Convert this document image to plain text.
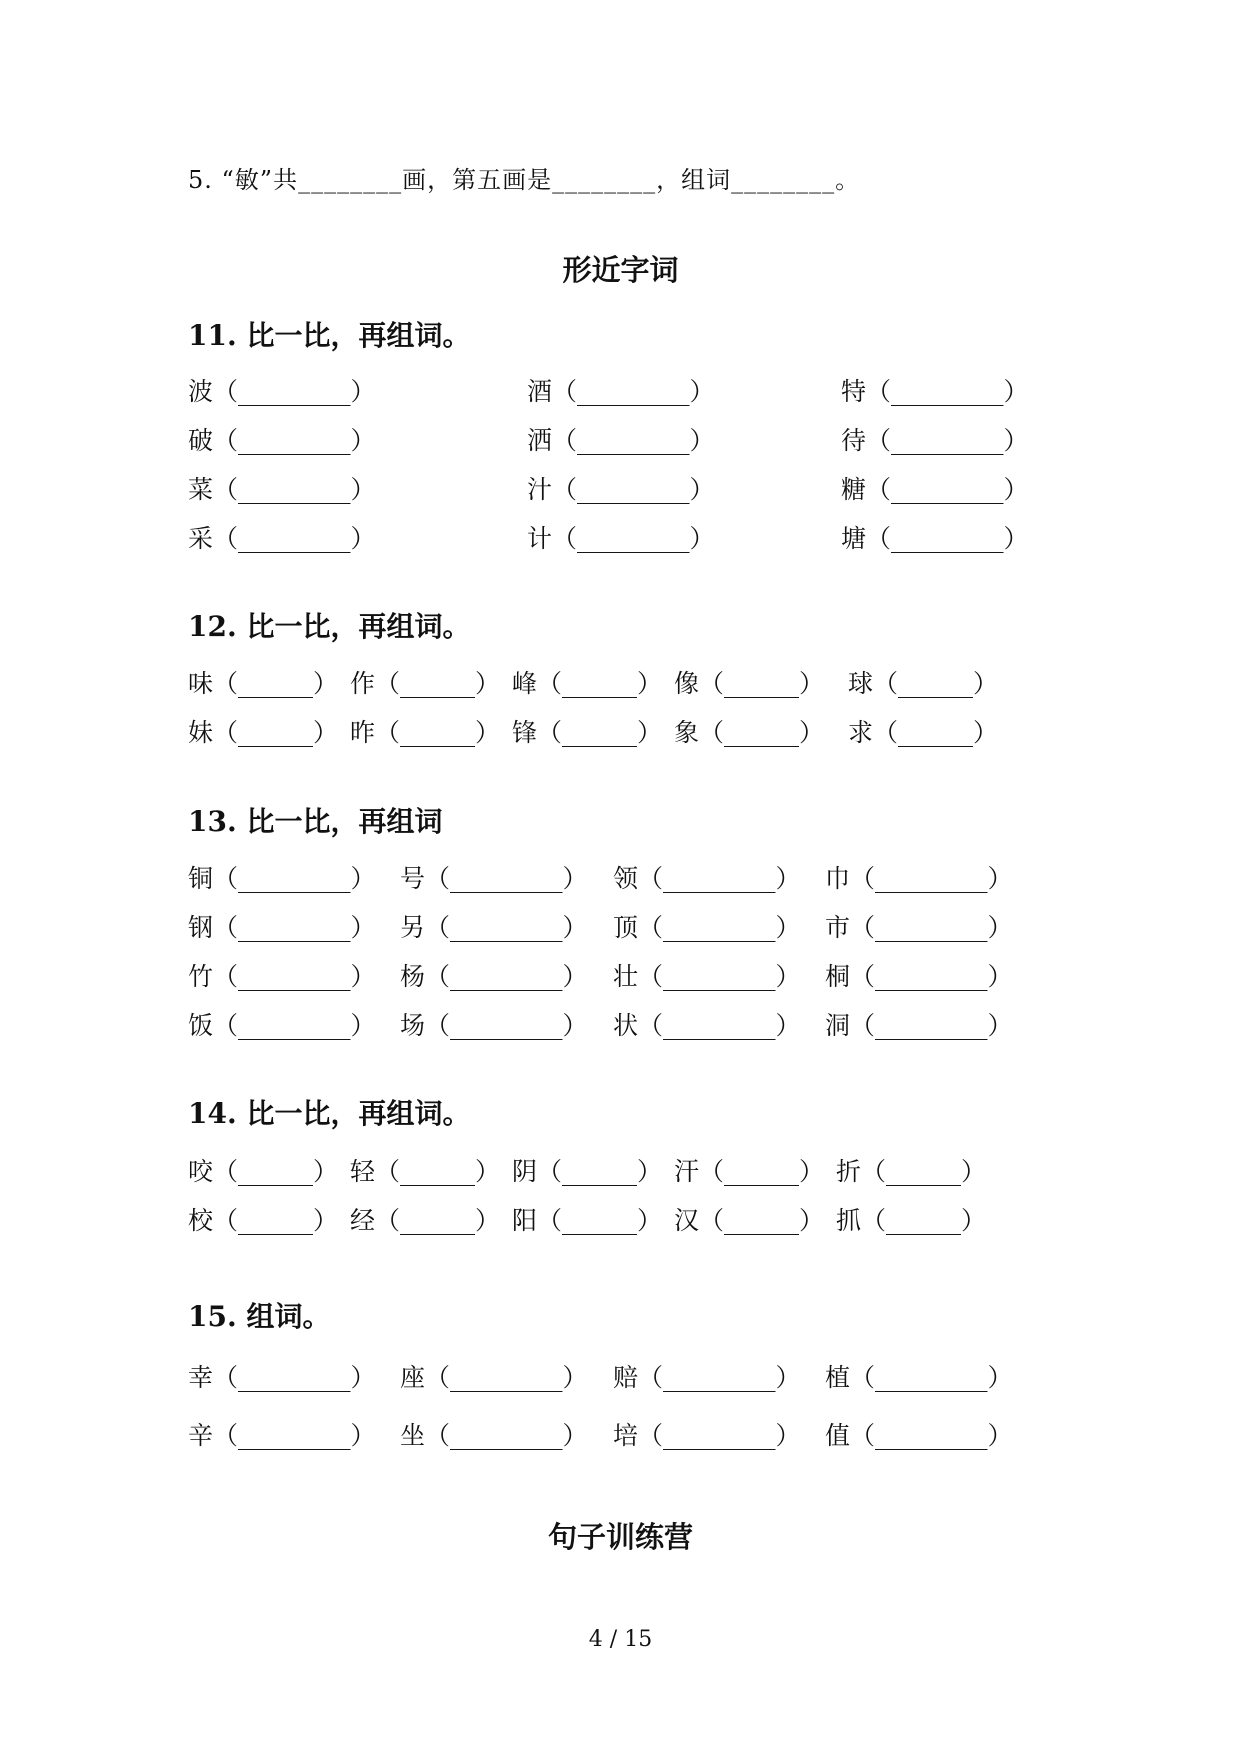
5. “敏”共________画，第五画是________，组词________。
形近字词
11. 比一比，再组词。
波（_________）
破（_________）
菜（_________）
采（_________）
酒（_________）
洒（_________）
汁（_________）
计（_________）
特（_________）
待（_________）
糖（_________）
塘（_________）
12. 比一比，再组词。
味（______） 作（______） 峰（______） 像（______） 球（______）
妹（______） 昨（______） 锋（______） 象（______） 求（______）
13. 比一比，再组词
铜（_________） 号（_________） 领（_________） 巾（_________）
钢（_________） 另（_________） 顶（_________） 市（_________）
竹（_________） 杨（_________） 壮（_________） 桐（_________）
饭（_________） 场（_________） 状（_________） 洞（_________）
14. 比一比，再组词。
咬（______） 轻（______） 阴（______） 汗（______） 折（______）
校（______） 经（______） 阳（______） 汉（______） 抓（______）
15. 组词。
幸（_________） 座（_________） 赔（_________） 植（_________）
辛（_________） 坐（_________） 培（_________） 值（_________）
句子训练营
4 / 15
